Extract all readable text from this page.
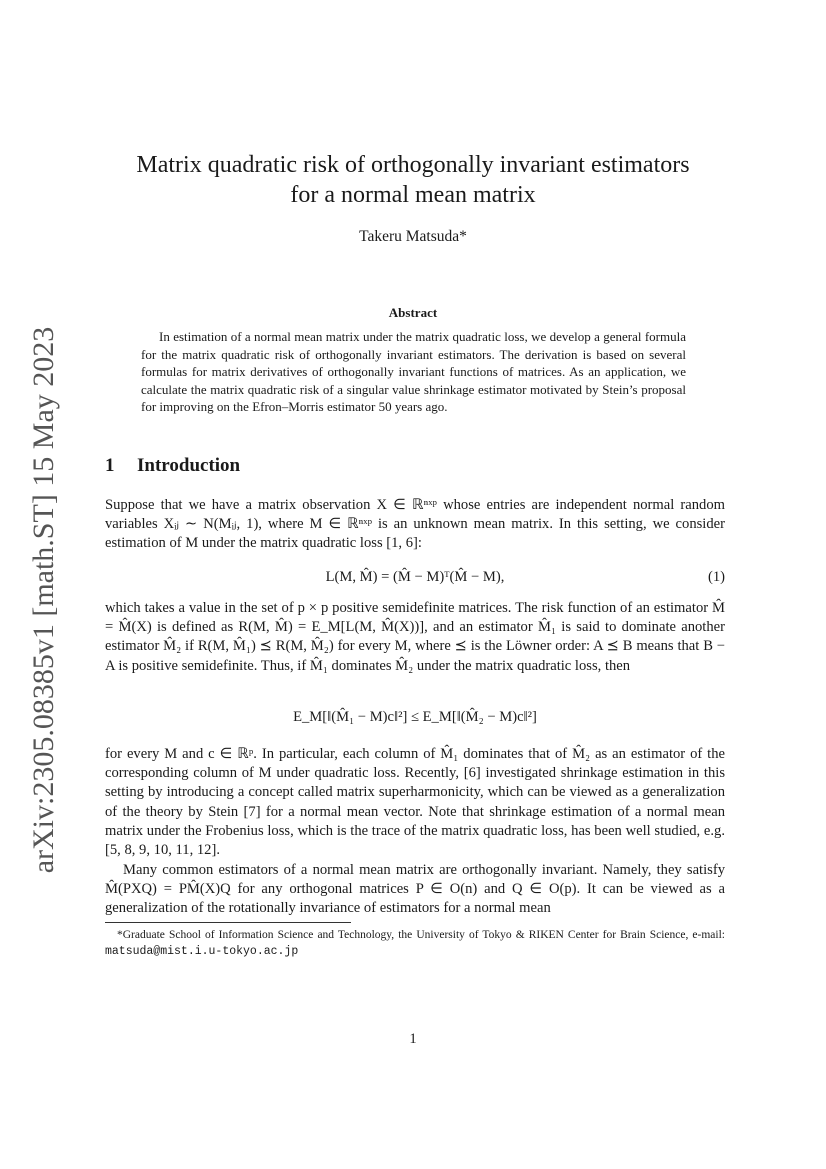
arXiv:2305.08385v1 [math.ST] 15 May 2023
Matrix quadratic risk of orthogonally invariant estimators
for a normal mean matrix
Takeru Matsuda*
Abstract
In estimation of a normal mean matrix under the matrix quadratic loss, we develop a general formula for the matrix quadratic risk of orthogonally invariant estimators. The derivation is based on several formulas for matrix derivatives of orthogonally invariant functions of matrices. As an application, we calculate the matrix quadratic risk of a singular value shrinkage estimator motivated by Stein’s proposal for improving on the Efron–Morris estimator 50 years ago.
1 Introduction

Suppose that we have a matrix observation X ∈ ℝⁿˣᵖ whose entries are independent normal random variables Xᵢⱼ ∼ N(Mᵢⱼ, 1), where M ∈ ℝⁿˣᵖ is an unknown mean matrix. In this setting, we consider estimation of M under the matrix quadratic loss [1, 6]:

L(M, M̂) = (M̂ − M)ᵀ(M̂ − M),	(1)

which takes a value in the set of p × p positive semidefinite matrices. The risk function of an estimator M̂ = M̂(X) is defined as R(M, M̂) = E_M[L(M, M̂(X))], and an estimator M̂₁ is said to dominate another estimator M̂₂ if R(M, M̂₁) ⪯ R(M, M̂₂) for every M, where ⪯ is the Löwner order: A ⪯ B means that B − A is positive semidefinite. Thus, if M̂₁ dominates M̂₂ under the matrix quadratic loss, then

E_M[‖(M̂₁ − M)c‖²] ≤ E_M[‖(M̂₂ − M)c‖²]

for every M and c ∈ ℝᵖ. In particular, each column of M̂₁ dominates that of M̂₂ as an estimator of the corresponding column of M under quadratic loss. Recently, [6] investigated shrinkage estimation in this setting by introducing a concept called matrix superharmonicity, which can be viewed as a generalization of the theory by Stein [7] for a normal mean vector. Note that shrinkage estimation of a normal mean matrix under the Frobenius loss, which is the trace of the matrix quadratic loss, has been well studied, e.g. [5, 8, 9, 10, 11, 12].

Many common estimators of a normal mean matrix are orthogonally invariant. Namely, they satisfy M̂(PXQ) = PM̂(X)Q for any orthogonal matrices P ∈ O(n) and Q ∈ O(p). It can be viewed as a generalization of the rotationally invariance of estimators for a normal mean

*Graduate School of Information Science and Technology, the University of Tokyo & RIKEN Center for Brain Science, e-mail: matsuda@mist.i.u-tokyo.ac.jp
1
